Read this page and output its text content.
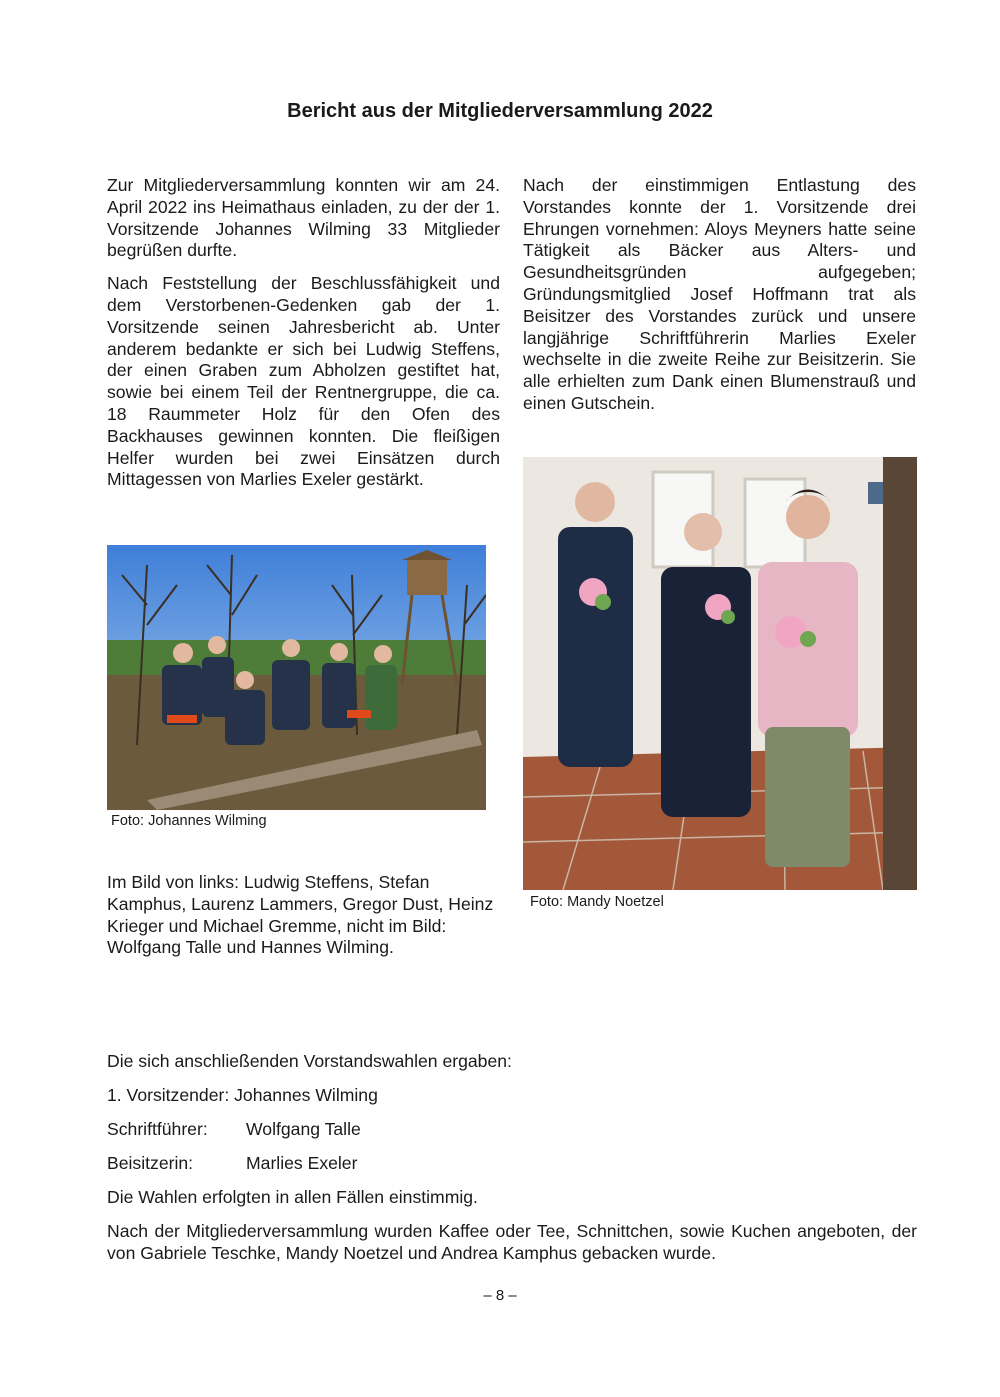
Bericht aus der Mitgliederversammlung 2022

Zur Mitgliederversammlung konnten wir am 24. April 2022 ins Heimathaus einladen, zu der der 1. Vorsitzende Johannes Wilming 33 Mitglieder begrüßen durfte.

Nach Feststellung der Beschlussfähigkeit und dem Verstorbenen-Gedenken gab der 1. Vorsitzende seinen Jahresbericht ab. Unter anderem bedankte er sich bei Ludwig Steffens, der einen Graben zum Abholzen gestiftet hat, sowie bei einem Teil der Rentnergruppe, die ca. 18 Raummeter Holz für den Ofen des Backhauses gewinnen konnten. Die fleißigen Helfer wurden bei zwei Einsätzen durch Mittagessen von Marlies Exeler gestärkt.

Nach der einstimmigen Entlastung des Vorstandes konnte der 1. Vorsitzende drei Ehrungen vornehmen: Aloys Meyners hatte seine Tätigkeit als Bäcker aus Alters- und Gesundheitsgründen aufgegeben; Gründungsmitglied Josef Hoffmann trat als Beisitzer des Vorstandes zurück und unsere langjährige Schriftführerin Marlies Exeler wechselte in die zweite Reihe zur Beisitzerin. Sie alle erhielten zum Dank einen Blumenstrauß und einen Gutschein.

Foto: Johannes Wilming
Foto: Mandy Noetzel

Im Bild von links: Ludwig Steffens, Stefan Kamphus, Laurenz Lammers, Gregor Dust, Heinz Krieger und Michael Gremme, nicht im Bild: Wolfgang Talle und Hannes Wilming.

Die sich anschließenden Vorstandswahlen ergaben:

1. Vorsitzender: Johannes Wilming

Schriftführer:	Wolfgang Talle
Beisitzerin:	Marlies Exeler

Die Wahlen erfolgten in allen Fällen einstimmig.

Nach der Mitgliederversammlung wurden Kaffee oder Tee, Schnittchen, sowie Kuchen angeboten, der von Gabriele Teschke, Mandy Noetzel und Andrea Kamphus gebacken wurde.

– 8 –
